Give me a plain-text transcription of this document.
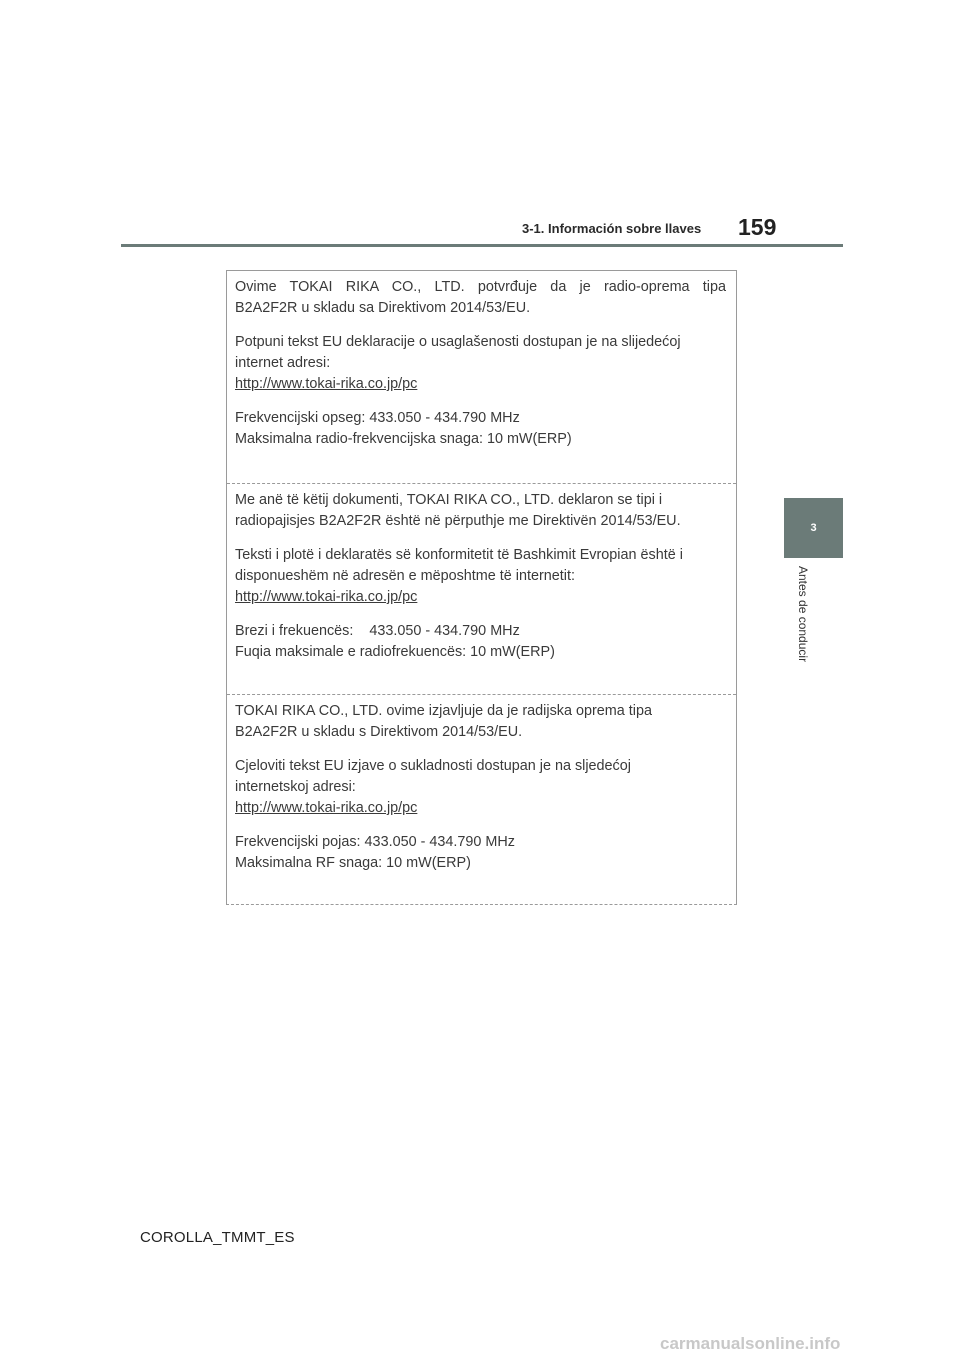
3-1. Información sobre llaves 159
3
Antes de conducir

Ovime TOKAI RIKA CO., LTD. potvrđuje da je radio-oprema tipa
B2A2F2R u skladu sa Direktivom 2014/53/EU.

Potpuni tekst EU deklaracije o usaglašenosti dostupan je na slijedećoj
internet adresi:
http://www.tokai-rika.co.jp/pc

Frekvencijski opseg: 433.050 - 434.790 MHz
Maksimalna radio-frekvencijska snaga: 10 mW(ERP)

Me anë të këtij dokumenti, TOKAI RIKA CO., LTD. deklaron se tipi i
radiopajisjes B2A2F2R është në përputhje me Direktivën 2014/53/EU.

Teksti i plotë i deklaratës së konformitetit të Bashkimit Evropian është i
disponueshëm në adresën e mëposhtme të internetit:
http://www.tokai-rika.co.jp/pc

Brezi i frekuencës:    433.050 - 434.790 MHz
Fuqia maksimale e radiofrekuencës: 10 mW(ERP)

TOKAI RIKA CO., LTD. ovime izjavljuje da je radijska oprema tipa
B2A2F2R u skladu s Direktivom 2014/53/EU.

Cjeloviti tekst EU izjave o sukladnosti dostupan je na sljedećoj
internetskoj adresi:
http://www.tokai-rika.co.jp/pc

Frekvencijski pojas: 433.050 - 434.790 MHz
Maksimalna RF snaga: 10 mW(ERP)

COROLLA_TMMT_ES
carmanualsonline.info
